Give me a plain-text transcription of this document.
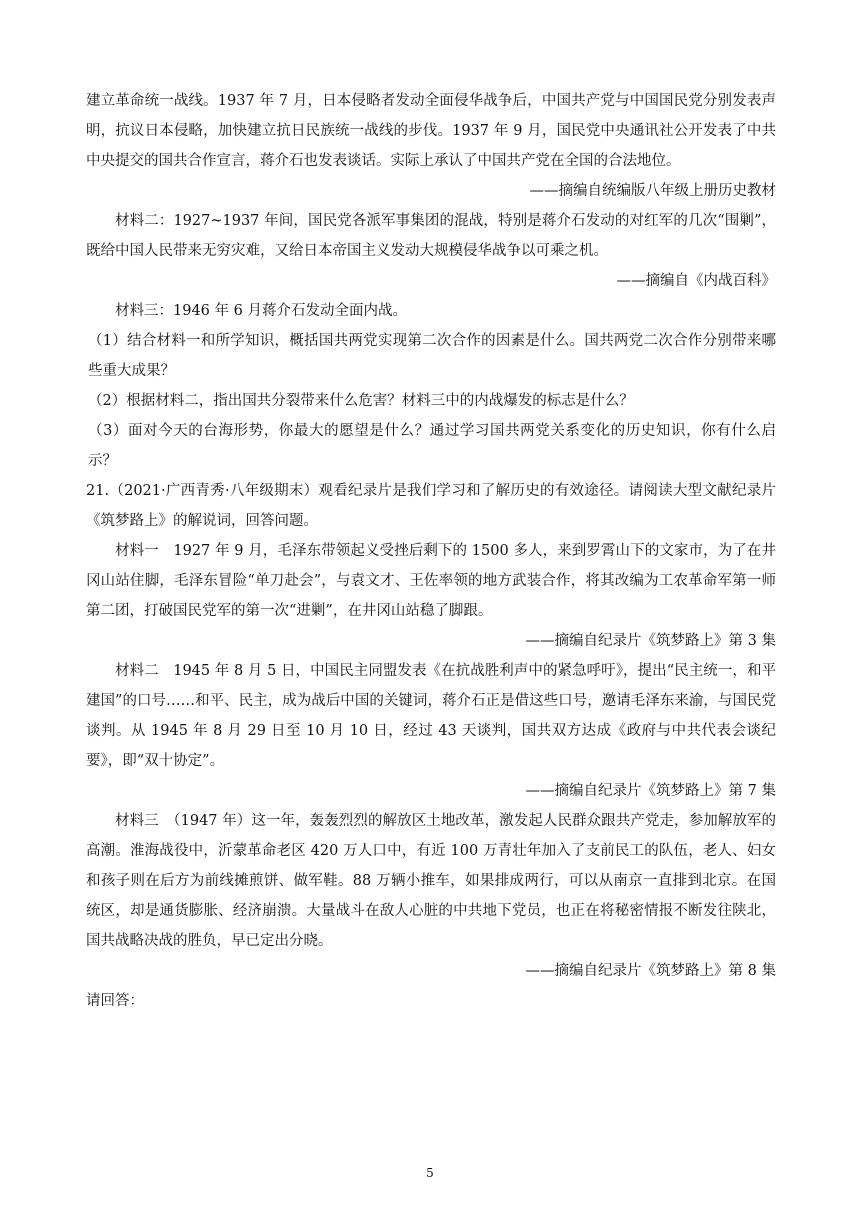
建立革命统一战线。1937 年 7 月，日本侵略者发动全面侵华战争后，中国共产党与中国国民党分别发表声明，抗议日本侵略，加快建立抗日民族统一战线的步伐。1937 年 9 月，国民党中央通讯社公开发表了中共中央提交的国共合作宣言，蒋介石也发表谈话。实际上承认了中国共产党在全国的合法地位。

——摘编自统编版八年级上册历史教材

材料二：1927~1937 年间，国民党各派军事集团的混战，特别是蒋介石发动的对红军的几次“围剿”，既给中国人民带来无穷灾难，又给日本帝国主义发动大规模侵华战争以可乘之机。

——摘编自《内战百科》

材料三：1946 年 6 月蒋介石发动全面内战。

（1）结合材料一和所学知识，概括国共两党实现第二次合作的因素是什么。国共两党二次合作分别带来哪些重大成果？

（2）根据材料二，指出国共分裂带来什么危害？材料三中的内战爆发的标志是什么？

（3）面对今天的台海形势，你最大的愿望是什么？通过学习国共两党关系变化的历史知识，你有什么启示？

21.（2021·广西青秀·八年级期末）观看纪录片是我们学习和了解历史的有效途径。请阅读大型文献纪录片《筑梦路上》的解说词，回答问题。

材料一　1927 年 9 月，毛泽东带领起义受挫后剩下的 1500 多人，来到罗霄山下的文家市，为了在井冈山站住脚，毛泽东冒险“单刀赴会”，与袁文才、王佐率领的地方武装合作，将其改编为工农革命军第一师第二团，打破国民党军的第一次“进剿”，在井冈山站稳了脚跟。

——摘编自纪录片《筑梦路上》第 3 集

材料二　1945 年 8 月 5 日，中国民主同盟发表《在抗战胜利声中的紧急呼吁》，提出“民主统一，和平建国”的口号……和平、民主，成为战后中国的关键词，蒋介石正是借这些口号，邀请毛泽东来渝，与国民党谈判。从 1945 年 8 月 29 日至 10 月 10 日，经过 43 天谈判，国共双方达成《政府与中共代表会谈纪要》，即“双十协定”。

——摘编自纪录片《筑梦路上》第 7 集

材料三　（1947 年）这一年，轰轰烈烈的解放区土地改革，激发起人民群众跟共产党走，参加解放军的高潮。淮海战役中，沂蒙革命老区 420 万人口中，有近 100 万青壮年加入了支前民工的队伍，老人、妇女和孩子则在后方为前线摊煎饼、做军鞋。88 万辆小推车，如果排成两行，可以从南京一直排到北京。在国统区，却是通货膨胀、经济崩溃。大量战斗在敌人心脏的中共地下党员，也正在将秘密情报不断发往陕北，国共战略决战的胜负，早已定出分晓。

——摘编自纪录片《筑梦路上》第 8 集

请回答：

5
